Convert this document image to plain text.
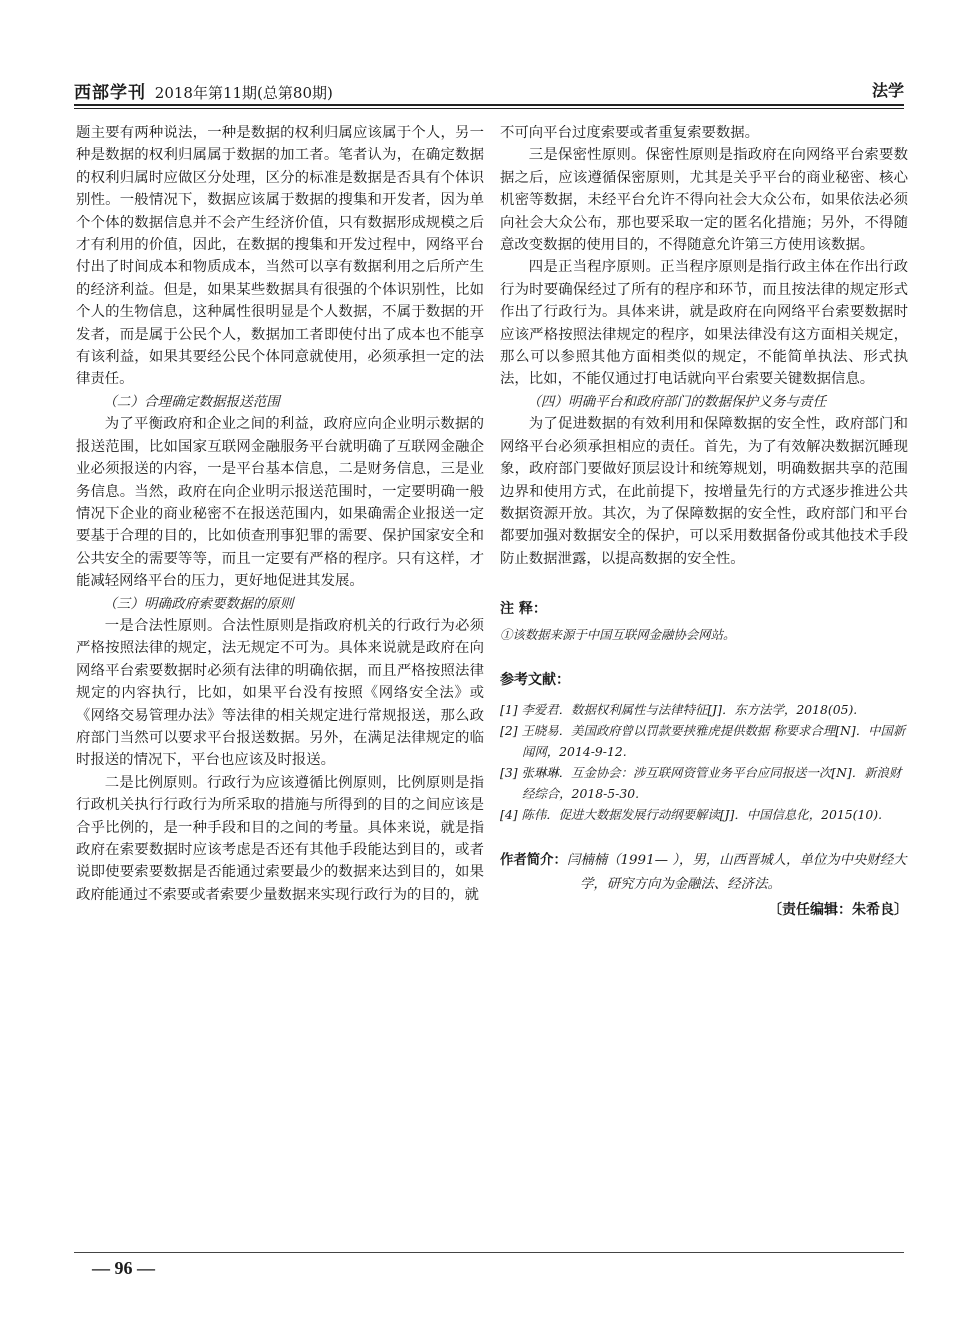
西部学刊 2018年第11期(总第80期)	法学

题主要有两种说法，一种是数据的权利归属应该属于个人，另一种是数据的权利归属属于数据的加工者。笔者认为，在确定数据的权利归属时应做区分处理，区分的标准是数据是否具有个体识别性。一般情况下，数据应该属于数据的搜集和开发者，因为单个个体的数据信息并不会产生经济价值，只有数据形成规模之后才有利用的价值，因此，在数据的搜集和开发过程中，网络平台付出了时间成本和物质成本，当然可以享有数据利用之后所产生的经济利益。但是，如果某些数据具有很强的个体识别性，比如个人的生物信息，这种属性很明显是个人数据，不属于数据的开发者，而是属于公民个人，数据加工者即使付出了成本也不能享有该利益，如果其要经公民个体同意就使用，必须承担一定的法律责任。

（二）合理确定数据报送范围

为了平衡政府和企业之间的利益，政府应向企业明示数据的报送范围，比如国家互联网金融服务平台就明确了互联网金融企业必须报送的内容，一是平台基本信息，二是财务信息，三是业务信息。当然，政府在向企业明示报送范围时，一定要明确一般情况下企业的商业秘密不在报送范围内，如果确需企业报送一定要基于合理的目的，比如侦查刑事犯罪的需要、保护国家安全和公共安全的需要等等，而且一定要有严格的程序。只有这样，才能减轻网络平台的压力，更好地促进其发展。

（三）明确政府索要数据的原则

一是合法性原则。合法性原则是指政府机关的行政行为必须严格按照法律的规定，法无规定不可为。具体来说就是政府在向网络平台索要数据时必须有法律的明确依据，而且严格按照法律规定的内容执行，比如，如果平台没有按照《网络安全法》或《网络交易管理办法》等法律的相关规定进行常规报送，那么政府部门当然可以要求平台报送数据。另外，在满足法律规定的临时报送的情况下，平台也应该及时报送。

二是比例原则。行政行为应该遵循比例原则，比例原则是指行政机关执行行政行为所采取的措施与所得到的目的之间应该是合乎比例的，是一种手段和目的之间的考量。具体来说，就是指政府在索要数据时应该考虑是否还有其他手段能达到目的，或者说即使要索要数据是否能通过索要最少的数据来达到目的，如果政府能通过不索要或者索要少量数据来实现行政行为的目的，就

不可向平台过度索要或者重复索要数据。

三是保密性原则。保密性原则是指政府在向网络平台索要数据之后，应该遵循保密原则，尤其是关乎平台的商业秘密、核心机密等数据，未经平台允许不得向社会大众公布，如果依法必须向社会大众公布，那也要采取一定的匿名化措施；另外，不得随意改变数据的使用目的，不得随意允许第三方使用该数据。

四是正当程序原则。正当程序原则是指行政主体在作出行政行为时要确保经过了所有的程序和环节，而且按法律的规定形式作出了行政行为。具体来讲，就是政府在向网络平台索要数据时应该严格按照法律规定的程序，如果法律没有这方面相关规定，那么可以参照其他方面相类似的规定，不能简单执法、形式执法，比如，不能仅通过打电话就向平台索要关键数据信息。

（四）明确平台和政府部门的数据保护义务与责任

为了促进数据的有效利用和保障数据的安全性，政府部门和网络平台必须承担相应的责任。首先，为了有效解决数据沉睡现象，政府部门要做好顶层设计和统筹规划，明确数据共享的范围边界和使用方式，在此前提下，按增量先行的方式逐步推进公共数据资源开放。其次，为了保障数据的安全性，政府部门和平台都要加强对数据安全的保护，可以采用数据备份或其他技术手段防止数据泄露，以提高数据的安全性。

注 释：

①该数据来源于中国互联网金融协会网站。

参考文献：

[1] 李爱君．数据权利属性与法律特征[J]．东方法学，2018(05).

[2] 王晓易．美国政府曾以罚款要挟雅虎提供数据 称要求合理[N]．中国新闻网，2014-9-12.

[3] 张琳琳．互金协会：涉互联网资管业务平台应同报送一次[N]．新浪财经综合，2018-5-30.

[4] 陈伟．促进大数据发展行动纲要解读[J]．中国信息化，2015(10).

作者简介：闫楠楠（1991— ），男，山西晋城人，单位为中央财经大学，研究方向为金融法、经济法。

〔责任编辑：朱希良〕

— 96 —
